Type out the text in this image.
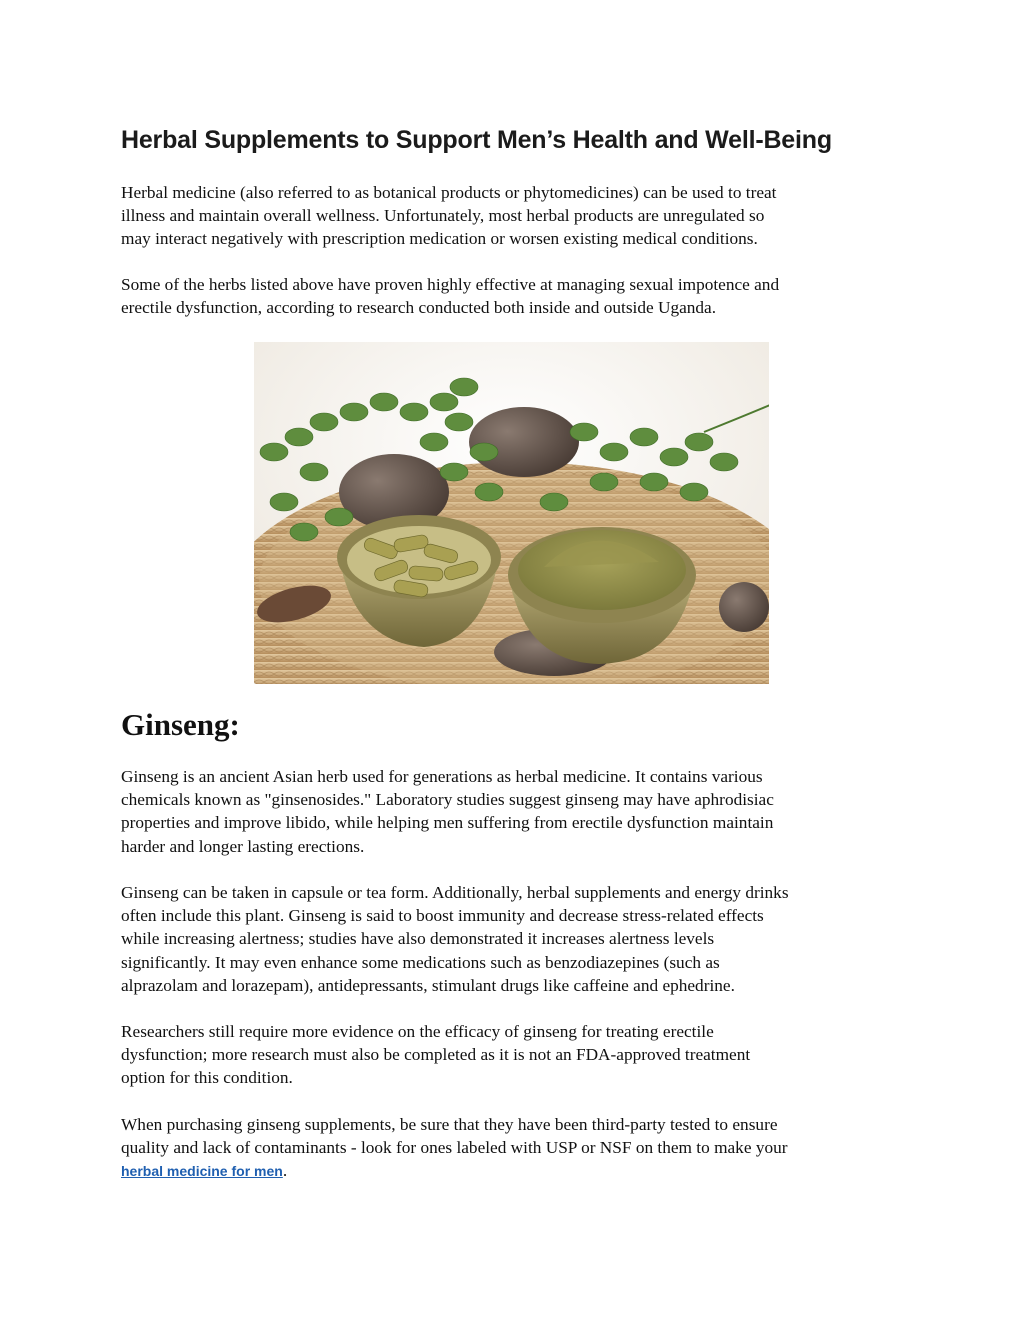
Herbal Supplements to Support Men’s Health and Well-Being

Herbal medicine (also referred to as botanical products or phytomedicines) can be used to treat
illness and maintain overall wellness. Unfortunately, most herbal products are unregulated so
may interact negatively with prescription medication or worsen existing medical conditions.

Some of the herbs listed above have proven highly effective at managing sexual impotence and
erectile dysfunction, according to research conducted both inside and outside Uganda.

Ginseng:

Ginseng is an ancient Asian herb used for generations as herbal medicine. It contains various
chemicals known as "ginsenosides." Laboratory studies suggest ginseng may have aphrodisiac
properties and improve libido, while helping men suffering from erectile dysfunction maintain
harder and longer lasting erections.

Ginseng can be taken in capsule or tea form. Additionally, herbal supplements and energy drinks
often include this plant. Ginseng is said to boost immunity and decrease stress-related effects
while increasing alertness; studies have also demonstrated it increases alertness levels
significantly. It may even enhance some medications such as benzodiazepines (such as
alprazolam and lorazepam), antidepressants, stimulant drugs like caffeine and ephedrine.

Researchers still require more evidence on the efficacy of ginseng for treating erectile
dysfunction; more research must also be completed as it is not an FDA-approved treatment
option for this condition.

When purchasing ginseng supplements, be sure that they have been third-party tested to ensure
quality and lack of contaminants - look for ones labeled with USP or NSF on them to make your
herbal medicine for men.
